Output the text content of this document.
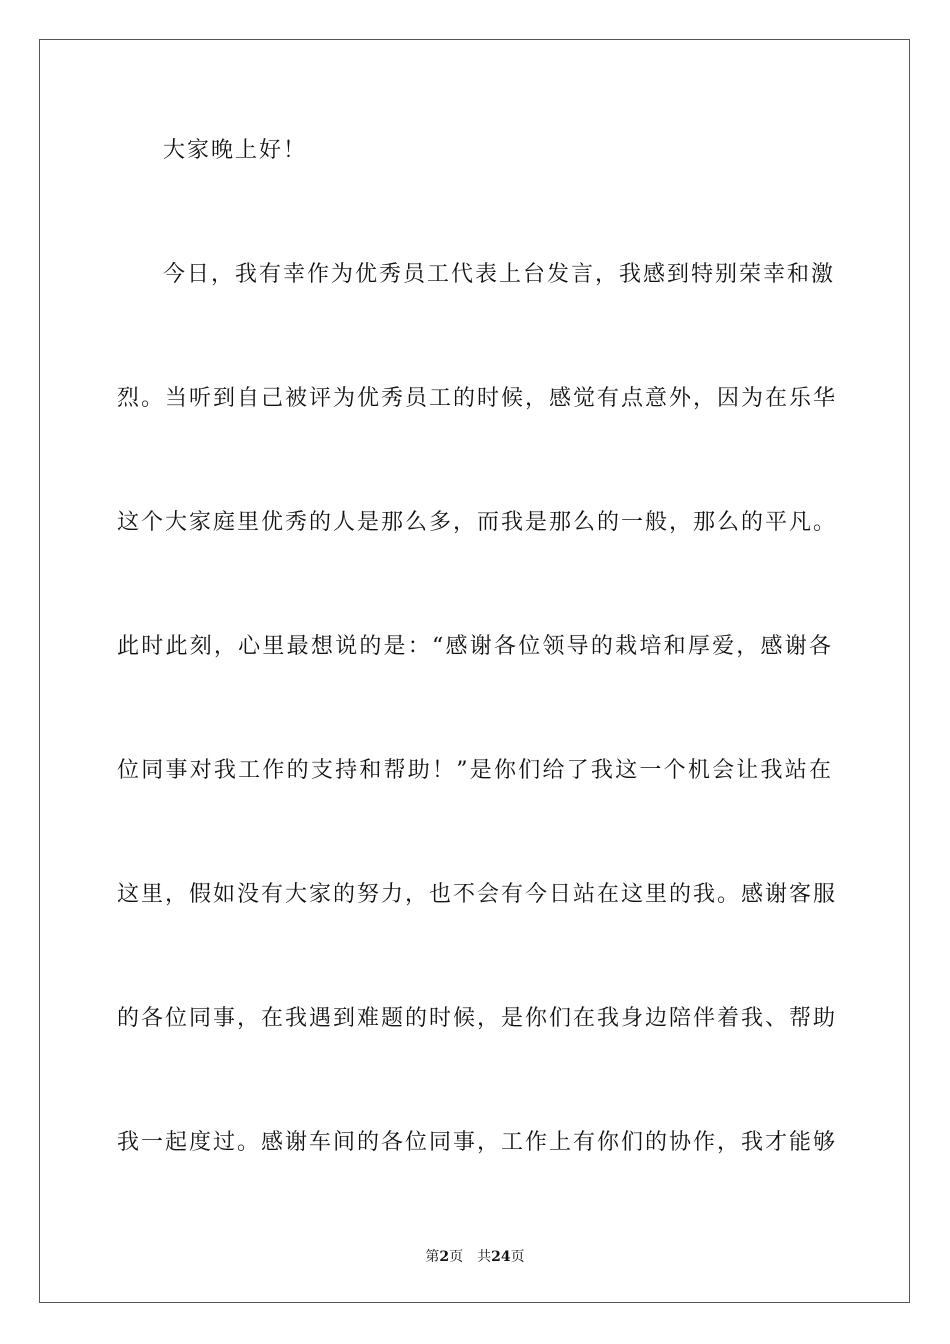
大家晚上好！
今日，我有幸作为优秀员工代表上台发言，我感到特别荣幸和激
烈。当听到自己被评为优秀员工的时候，感觉有点意外，因为在乐华
这个大家庭里优秀的人是那么多，而我是那么的一般，那么的平凡。
此时此刻，心里最想说的是：“感谢各位领导的栽培和厚爱，感谢各
位同事对我工作的支持和帮助！”是你们给了我这一个机会让我站在
这里，假如没有大家的努力，也不会有今日站在这里的我。感谢客服
的各位同事，在我遇到难题的时候，是你们在我身边陪伴着我、帮助
我一起度过。感谢车间的各位同事，工作上有你们的协作，我才能够
第2页 共24页
